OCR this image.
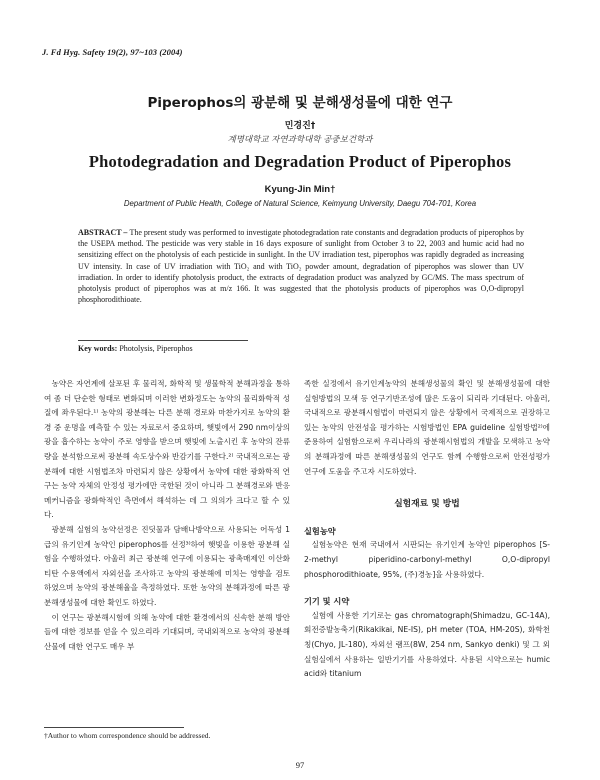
J. Fd Hyg. Safety 19(2), 97~103 (2004)
Piperophos의 광분해 및 분해생성물에 대한 연구
민경진†
계명대학교 자연과학대학 공중보건학과
Photodegradation and Degradation Product of Piperophos
Kyung-Jin Min†
Department of Public Health, College of Natural Science, Keimyung University, Daegu 704-701, Korea
ABSTRACT – The present study was performed to investigate photodegradation rate constants and degradation products of piperophos by the USEPA method. The pesticide was very stable in 16 days exposure of sunlight from October 3 to 22, 2003 and humic acid had no sensitizing effect on the photolysis of each pesticide in sunlight. In the UV irradiation test, piperophos was rapidly degraded as increasing UV intensity. In case of UV irradiation with TiO₂ and with TiO₂ powder amount, degradation of piperophos was slower than UV irradiation. In order to identify photolysis product, the extracts of degradation product was analyzed by GC/MS. The mass spectrum of photolysis product of piperophos was at m/z 166. It was suggested that the photolysis products of piperophos was O,O-dipropyl phosphorodithioate.
Key words: Photolysis, Piperophos

농약은 자연계에 살포된 후 물리적, 화학적 및 생물학적 분해과정을 통하여 좀 더 단순한 형태로 변화되며 이러한 변화정도는 농약의 물리화학적 성질에 좌우된다.¹⁾ 농약의 광분해는 다른 분해 경로와 마찬가지로 농약의 환경 중 운명을 예측할 수 있는 자료로서 중요하며, 햇빛에서 290 nm이상의 광을 흡수하는 농약이 주로 영향을 받으며 햇빛에 노출시킨 후 농약의 잔류량을 분석함으로써 광분해 속도상수와 반감기를 구한다.²⁾ 국내적으로는 광분해에 대한 시험법조차 마련되지 않은 상황에서 농약에 대한 광화학적 연구는 농약 자체의 안정성 평가에만 국한된 것이 아니라 그 분해경로와 반응메커니즘을 광화학적인 측면에서 해석하는 데 그 의의가 크다고 할 수 있다.

광분해 실험의 농약선정은 진딧물과 담배나방약으로 사용되는 어독성 1급의 유기인계 농약인 piperophos를 선정³⁾하여 햇빛을 이용한 광분해 실험을 수행하였다. 아울러 최근 광분해 연구에 이용되는 광촉매제인 이산화티탄 수용액에서 자외선을 조사하고 농약의 광분해에 미치는 영향을 검토하였으며 농약의 광분해율을 측정하였다. 또한 농약의 분해과정에 따른 광분해생성물에 대한 확인도 하였다.

이 연구는 광분해시험에 의해 농약에 대한 환경에서의 신속한 분해 방안들에 대한 정보를 얻을 수 있으리라 기대되며, 국내외적으로 농약의 광분해산물에 대한 연구도 매우 부

족한 실정에서 유기인계농약의 분해생성물의 확인 및 분해생성물에 대한 실험방법의 모색 등 연구기반조성에 많은 도움이 되리라 기대된다. 아울러, 국내적으로 광분해시험법이 마련되지 않은 상황에서 국제적으로 권장하고 있는 농약의 안전성을 평가하는 시험방법인 EPA guideline 실험방법²⁾에 준용하여 실험함으로써 우리나라의 광분해시험법의 개발을 모색하고 농약의 분해과정에 따른 분해생성물의 연구도 함께 수행함으로써 안전성평가 연구에 도움을 주고자 시도하였다.

실험재료 및 방법
실험농약

실험농약은 현재 국내에서 시판되는 유기인계 농약인 piperophos [S-2-methyl piperidino-carbonyl-methyl O,O-dipropyl phosphorodithioate, 95%, (주)경농]을 사용하였다.

기기 및 시약

실험에 사용한 기기로는 gas chromatograph(Shimadzu, GC-14A), 회전증발농축기(Rikakikai, NE-IS), pH meter (TOA, HM-20S), 화학천칭(Chyo, JL-180), 자외선 램프(8W, 254 nm, Sankyo denki) 및 그 외 실험실에서 사용하는 일반기기를 사용하였다. 사용된 시약으로는 humic acid와 titanium

†Author to whom correspondence should be addressed.
97
